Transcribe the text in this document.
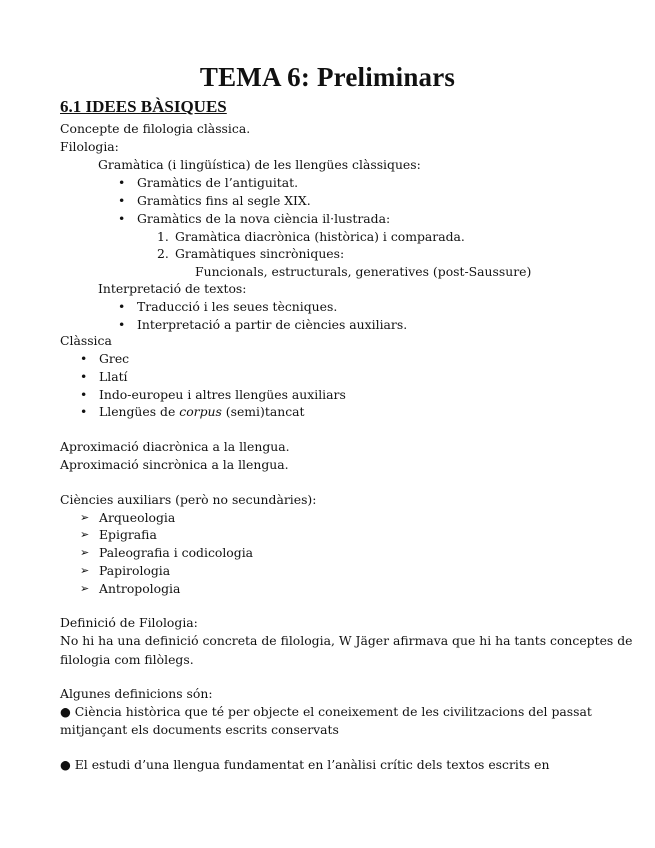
TEMA 6: Preliminars
6.1 IDEES BÀSIQUES
Concepte de filologia clàssica.
Filologia:
Gramàtica (i lingüística) de les llengües clàssiques:
• Gramàtics de l’antiguitat.
• Gramàtics fins al segle XIX.
• Gramàtics de la nova ciència il·lustrada:
1. Gramàtica diacrònica (històrica) i comparada.
2. Gramàtiques sincròniques:
Funcionals, estructurals, generatives (post-Saussure)
Interpretació de textos:
• Traducció i les seues tècniques.
• Interpretació a partir de ciències auxiliars.
Clàssica
• Grec
• Llatí
• Indo-europeu i altres llengües auxiliars
• Llengües de corpus (semi)tancat
Aproximació diacrònica a la llengua.
Aproximació sincrònica a la llengua.
Ciències auxiliars (però no secundàries):
➢ Arqueologia
➢ Epigrafia
➢ Paleografia i codicologia
➢ Papirologia
➢ Antropologia
Definició de Filologia:
No hi ha una definició concreta de filologia, W Jäger afirmava que hi ha tants conceptes de
filologia com filòlegs.
Algunes definicions són:
● Ciència històrica que té per objecte el coneixement de les civilitzacions del passat
mitjançant els documents escrits conservats
● El estudi d’una llengua fundamentat en l’anàlisi crític dels textos escrits en
